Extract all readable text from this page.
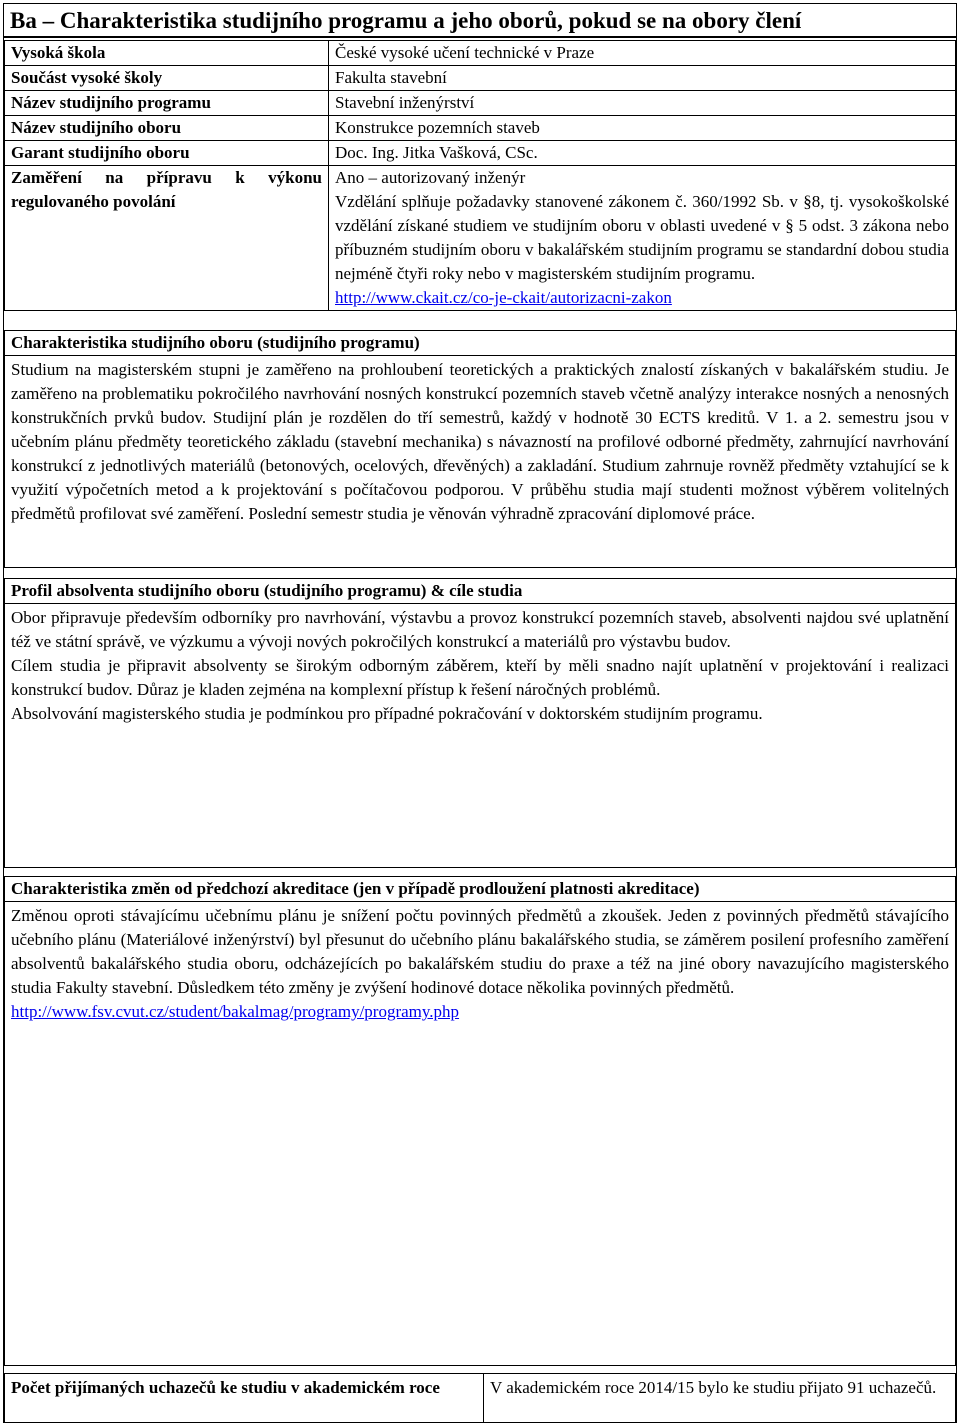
Ba – Charakteristika studijního programu a jeho oborů, pokud se na obory člení
Vysoká škola	České vysoké učení technické v Praze
Součást vysoké školy	Fakulta stavební
Název studijního programu	Stavební inženýrství
Název studijního oboru	Konstrukce pozemních staveb
Garant studijního oboru	Doc. Ing. Jitka Vašková, CSc.
Zaměření na přípravu k výkonu regulovaného povolání	Ano – autorizovaný inženýr
Vzdělání splňuje požadavky stanovené zákonem č. 360/1992 Sb. v §8, tj. vysokoškolské vzdělání získané studiem ve studijním oboru v oblasti uvedené v § 5 odst. 3 zákona nebo příbuzném studijním oboru v bakalářském studijním programu se standardní dobou studia nejméně čtyři roky nebo v magisterském studijním programu.
http://www.ckait.cz/co-je-ckait/autorizacni-zakon
Charakteristika studijního oboru (studijního programu)
Studium na magisterském stupni je zaměřeno na prohloubení teoretických a praktických znalostí získaných v bakalářském studiu. Je zaměřeno na problematiku pokročilého navrhování nosných konstrukcí pozemních staveb včetně analýzy interakce nosných a nenosných konstrukčních prvků budov. Studijní plán je rozdělen do tří semestrů, každý v hodnotě 30 ECTS kreditů. V 1. a 2. semestru jsou v učebním plánu předměty teoretického základu (stavební mechanika) s návazností na profilové odborné předměty, zahrnující navrhování konstrukcí z jednotlivých materiálů (betonových, ocelových, dřevěných) a zakladání. Studium zahrnuje rovněž předměty vztahující se k využití výpočetních metod a k projektování s počítačovou podporou. V průběhu studia mají studenti možnost výběrem volitelných předmětů profilovat své zaměření. Poslední semestr studia je věnován výhradně zpracování diplomové práce.
Profil absolventa studijního oboru (studijního programu) & cíle studia

Obor připravuje především odborníky pro navrhování, výstavbu a provoz konstrukcí pozemních staveb, absolventi najdou své uplatnění též ve státní správě, ve výzkumu a vývoji nových pokročilých konstrukcí a materiálů pro výstavbu budov.

Cílem studia je připravit absolventy se širokým odborným záběrem, kteří by měli snadno najít uplatnění v projektování i realizaci konstrukcí budov. Důraz je kladen zejména na komplexní přístup k řešení náročných problémů.

Absolvování magisterského studia je podmínkou pro případné pokračování v doktorském studijním programu.

Charakteristika změn od předchozí akreditace (jen v případě prodloužení platnosti akreditace)

Změnou oproti stávajícímu učebnímu plánu je snížení počtu povinných předmětů a zkoušek. Jeden z povinných předmětů stávajícího učebního plánu (Materiálové inženýrství) byl přesunut do učebního plánu bakalářského studia, se záměrem posilení profesního zaměření absolventů bakalářského studia oboru, odcházejících po bakalářském studiu do praxe a též na jiné obory navazujícího magisterského studia Fakulty stavební. Důsledkem této změny je zvýšení hodinové dotace několika povinných předmětů.

http://www.fsv.cvut.cz/student/bakalmag/programy/programy.php

Počet přijímaných uchazečů ke studiu v akademickém roce	V akademickém roce 2014/15 bylo ke studiu přijato 91 uchazečů.
